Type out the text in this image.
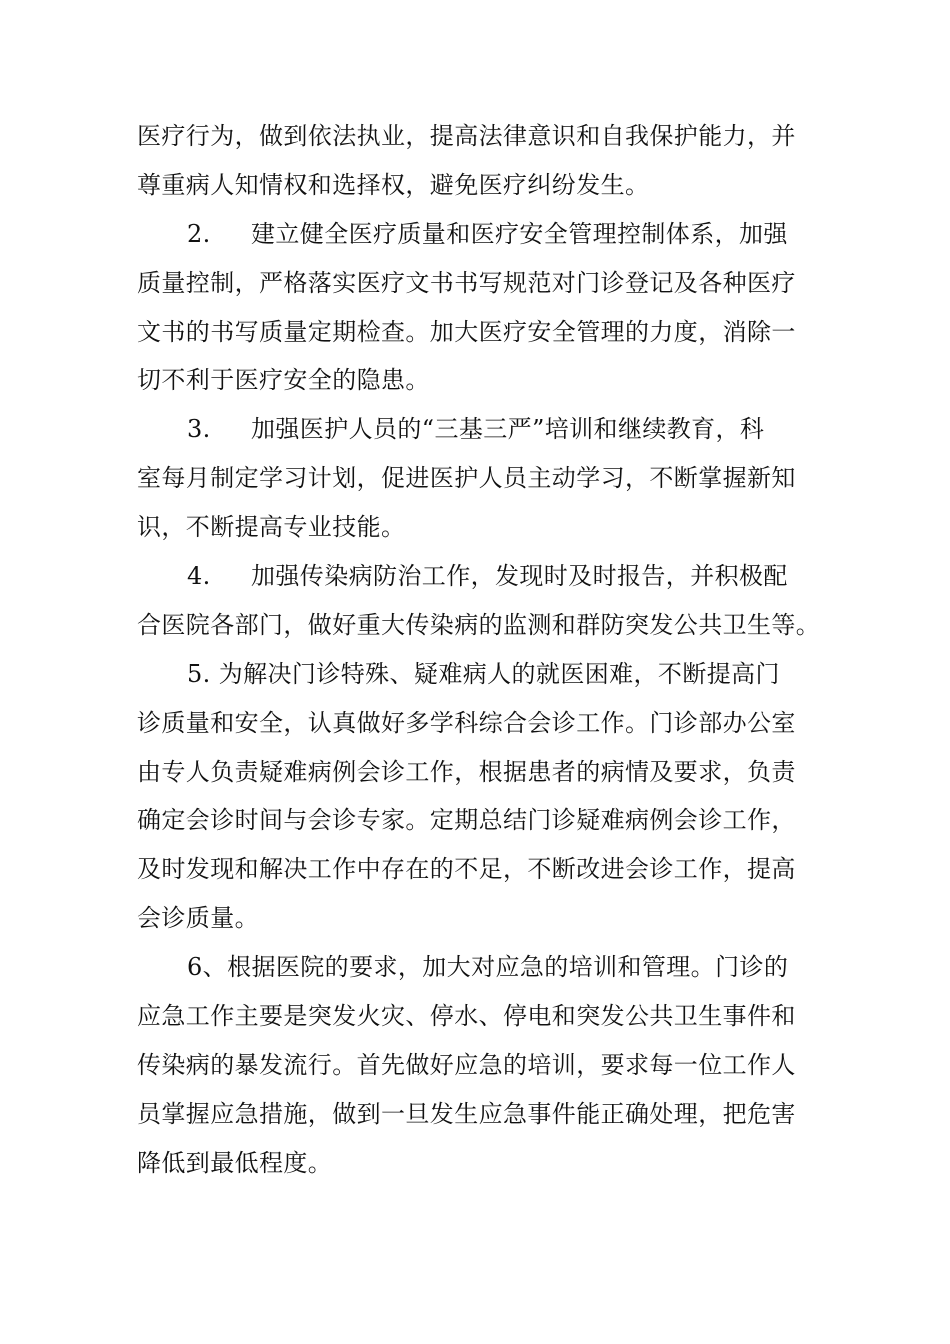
医疗行为，做到依法执业，提高法律意识和自我保护能力，并
尊重病人知情权和选择权，避免医疗纠纷发生。
2. 建立健全医疗质量和医疗安全管理控制体系，加强
质量控制，严格落实医疗文书书写规范对门诊登记及各种医疗
文书的书写质量定期检查。加大医疗安全管理的力度，消除一
切不利于医疗安全的隐患。
3. 加强医护人员的“三基三严”培训和继续教育，科
室每月制定学习计划，促进医护人员主动学习，不断掌握新知
识，不断提高专业技能。
4. 加强传染病防治工作，发现时及时报告，并积极配
合医院各部门，做好重大传染病的监测和群防突发公共卫生等。
5. 为解决门诊特殊、疑难病人的就医困难，不断提高门
诊质量和安全，认真做好多学科综合会诊工作。门诊部办公室
由专人负责疑难病例会诊工作，根据患者的病情及要求，负责
确定会诊时间与会诊专家。定期总结门诊疑难病例会诊工作，
及时发现和解决工作中存在的不足，不断改进会诊工作，提高
会诊质量。
6、根据医院的要求，加大对应急的培训和管理。门诊的
应急工作主要是突发火灾、停水、停电和突发公共卫生事件和
传染病的暴发流行。首先做好应急的培训，要求每一位工作人
员掌握应急措施，做到一旦发生应急事件能正确处理，把危害
降低到最低程度。
